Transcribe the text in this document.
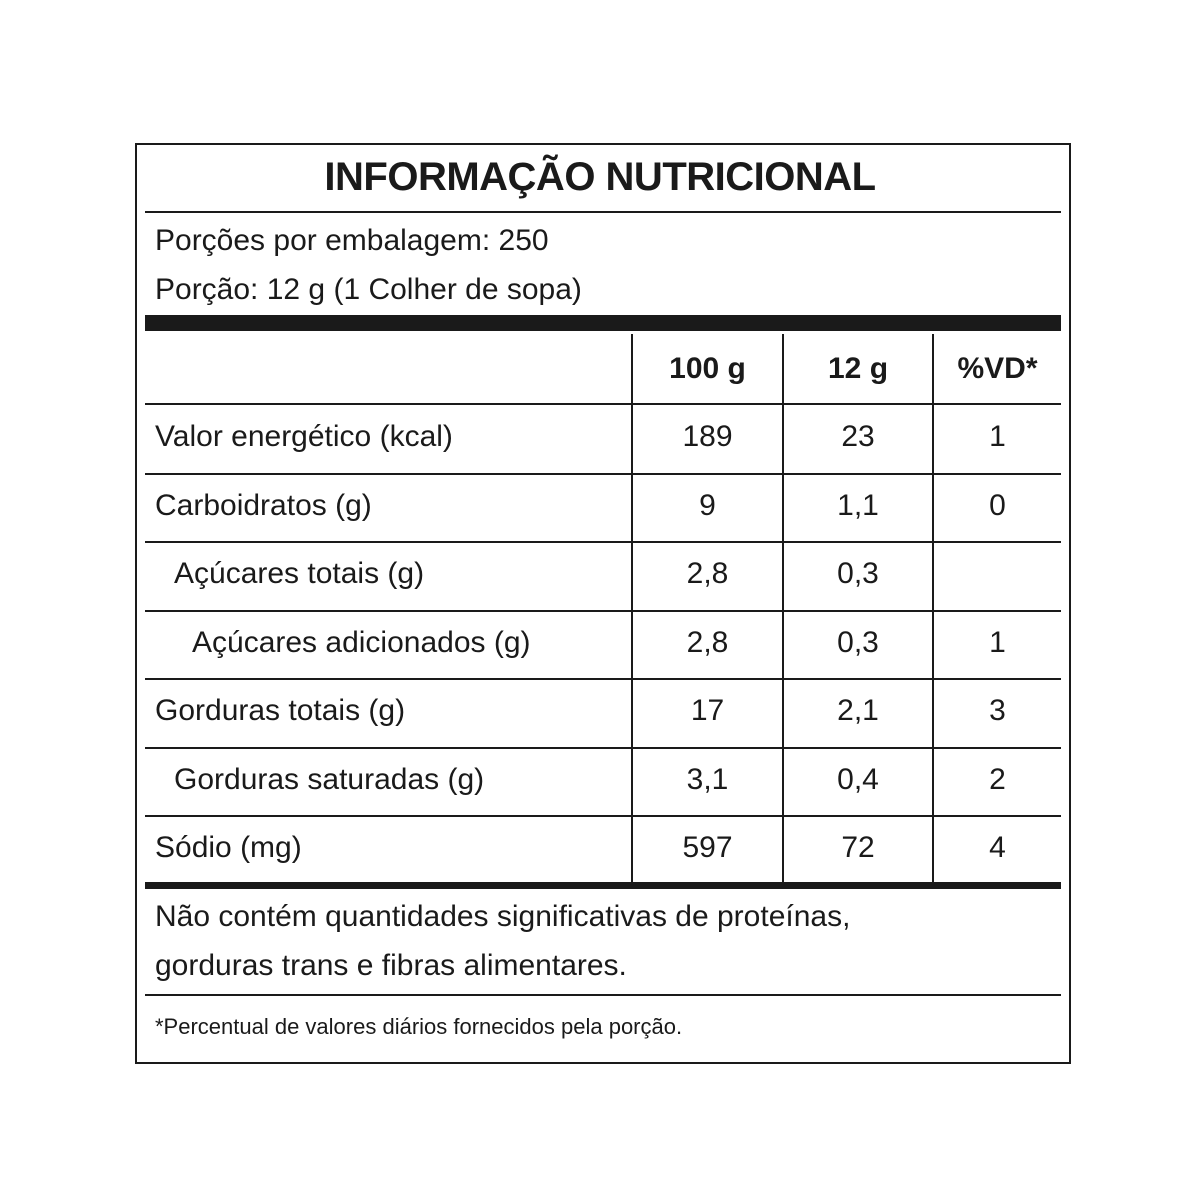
INFORMAÇÃO NUTRICIONAL
Porções por embalagem: 250
Porção: 12 g (1 Colher de sopa)
100 g	12 g	%VD*
Valor energético (kcal)	189	23	1
Carboidratos (g)	9	1,1	0
Açúcares totais (g)	2,8	0,3
Açúcares adicionados (g)	2,8	0,3	1
Gorduras totais (g)	17	2,1	3
Gorduras saturadas (g)	3,1	0,4	2
Sódio (mg)	597	72	4
Não contém quantidades significativas de proteínas,
gorduras trans e fibras alimentares.
*Percentual de valores diários fornecidos pela porção.
